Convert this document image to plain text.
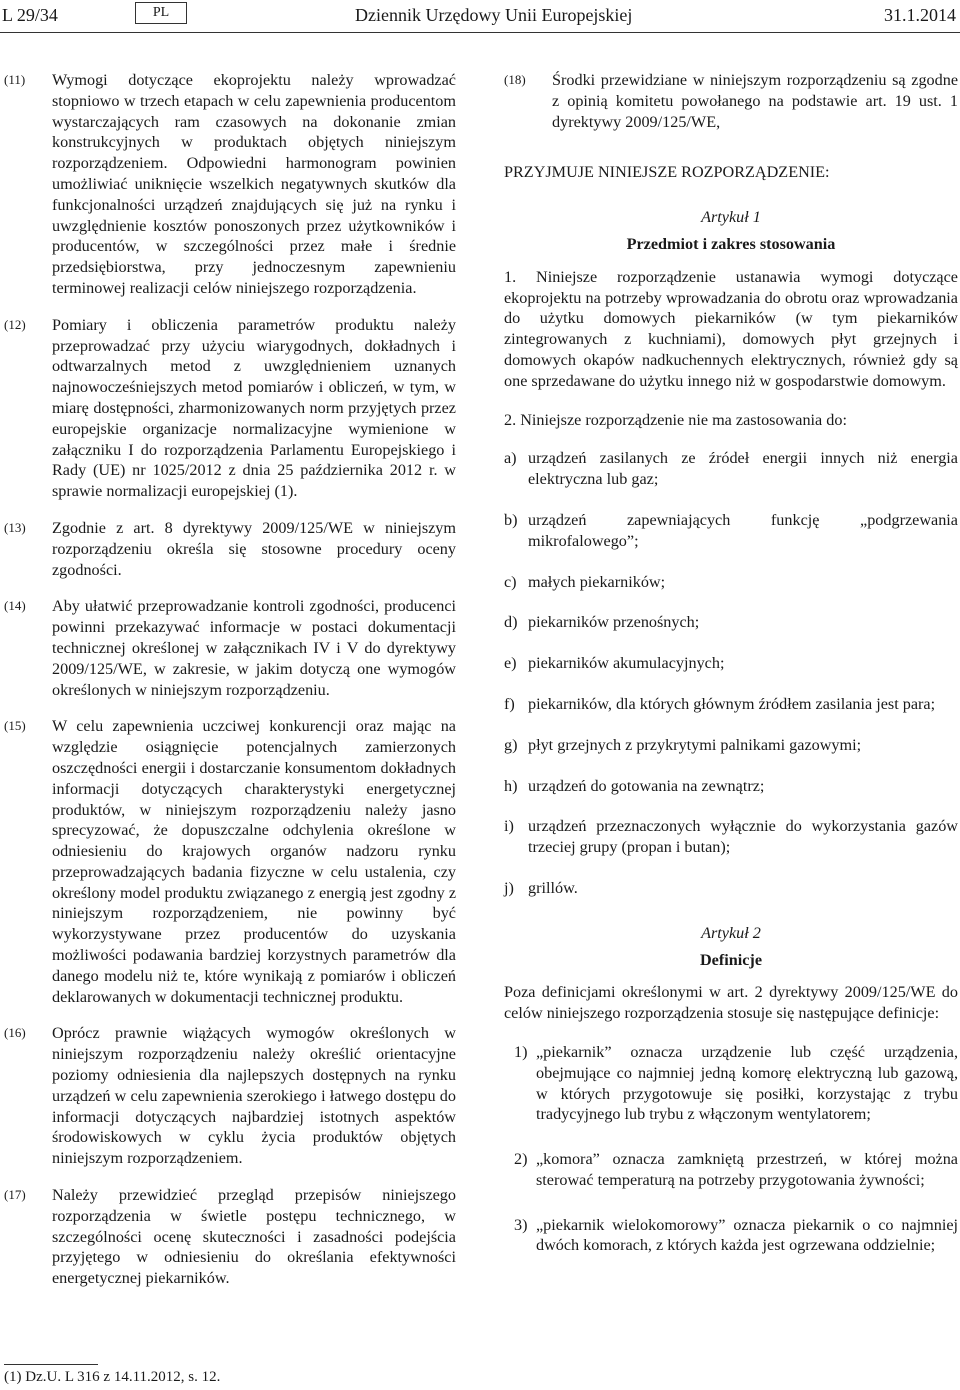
L 29/34	PL	Dziennik Urzędowy Unii Europejskiej	31.1.2014
(11)	Wymogi dotyczące ekoprojektu należy wprowadzać stopniowo w trzech etapach w celu zapewnienia producentom wystarczających ram czasowych na dokonanie zmian konstrukcyjnych w produktach objętych niniejszym rozporządzeniem. Odpowiedni harmonogram powinien umożliwiać uniknięcie wszelkich negatywnych skutków dla funkcjonalności urządzeń znajdujących się już na rynku i uwzględnienie kosztów ponoszonych przez użytkowników i producentów, w szczególności przez małe i średnie przedsiębiorstwa, przy jednoczesnym zapewnieniu terminowej realizacji celów niniejszego rozporządzenia.
(12)	Pomiary i obliczenia parametrów produktu należy przeprowadzać przy użyciu wiarygodnych, dokładnych i odtwarzalnych metod z uwzględnieniem uznanych najnowocześniejszych metod pomiarów i obliczeń, w tym, w miarę dostępności, zharmonizowanych norm przyjętych przez europejskie organizacje normalizacyjne wymienione w załączniku I do rozporządzenia Parlamentu Europejskiego i Rady (UE) nr 1025/2012 z dnia 25 października 2012 r. w sprawie normalizacji europejskiej (1).
(13)	Zgodnie z art. 8 dyrektywy 2009/125/WE w niniejszym rozporządzeniu określa się stosowne procedury oceny zgodności.
(14)	Aby ułatwić przeprowadzanie kontroli zgodności, producenci powinni przekazywać informacje w postaci dokumentacji technicznej określonej w załącznikach IV i V do dyrektywy 2009/125/WE, w zakresie, w jakim dotyczą one wymogów określonych w niniejszym rozporządzeniu.
(15)	W celu zapewnienia uczciwej konkurencji oraz mając na względzie osiągnięcie potencjalnych zamierzonych oszczędności energii i dostarczanie konsumentom dokładnych informacji dotyczących charakterystyki energetycznej produktów, w niniejszym rozporządzeniu należy jasno sprecyzować, że dopuszczalne odchylenia określone w odniesieniu do krajowych organów nadzoru rynku przeprowadzających badania fizyczne w celu ustalenia, czy określony model produktu związanego z energią jest zgodny z niniejszym rozporządzeniem, nie powinny być wykorzystywane przez producentów do uzyskania możliwości podawania bardziej korzystnych parametrów dla danego modelu niż te, które wynikają z pomiarów i obliczeń deklarowanych w dokumentacji technicznej produktu.
(16)	Oprócz prawnie wiążących wymogów określonych w niniejszym rozporządzeniu należy określić orientacyjne poziomy odniesienia dla najlepszych dostępnych na rynku urządzeń w celu zapewnienia szerokiego i łatwego dostępu do informacji dotyczących najbardziej istotnych aspektów środowiskowych w cyklu życia produktów objętych niniejszym rozporządzeniem.
(17)	Należy przewidzieć przegląd przepisów niniejszego rozporządzenia w świetle postępu technicznego, w szczególności ocenę skuteczności i zasadności podejścia przyjętego w odniesieniu do określania efektywności energetycznej piekarników.
(18)	Środki przewidziane w niniejszym rozporządzeniu są zgodne z opinią komitetu powołanego na podstawie art. 19 ust. 1 dyrektywy 2009/125/WE,
PRZYJMUJE NINIEJSZE ROZPORZĄDZENIE:
Artykuł 1
Przedmiot i zakres stosowania
1. Niniejsze rozporządzenie ustanawia wymogi dotyczące ekoprojektu na potrzeby wprowadzania do obrotu oraz wprowadzania do użytku domowych piekarników (w tym piekarników zintegrowanych z kuchniami), domowych płyt grzejnych i domowych okapów nadkuchennych elektrycznych, również gdy są one sprzedawane do użytku innego niż w gospodarstwie domowym.
2. Niniejsze rozporządzenie nie ma zastosowania do:
a) urządzeń zasilanych ze źródeł energii innych niż energia elektryczna lub gaz;
b) urządzeń zapewniających funkcję „podgrzewania mikrofalowego”;
c) małych piekarników;
d) piekarników przenośnych;
e) piekarników akumulacyjnych;
f) piekarników, dla których głównym źródłem zasilania jest para;
g) płyt grzejnych z przykrytymi palnikami gazowymi;
h) urządzeń do gotowania na zewnątrz;
i) urządzeń przeznaczonych wyłącznie do wykorzystania gazów trzeciej grupy (propan i butan);
j) grillów.
Artykuł 2
Definicje
Poza definicjami określonymi w art. 2 dyrektywy 2009/125/WE do celów niniejszego rozporządzenia stosuje się następujące definicje:
1) „piekarnik” oznacza urządzenie lub część urządzenia, obejmujące co najmniej jedną komorę elektryczną lub gazową, w których przygotowuje się posiłki, korzystając z trybu tradycyjnego lub trybu z włączonym wentylatorem;
2) „komora” oznacza zamkniętą przestrzeń, w której można sterować temperaturą na potrzeby przygotowania żywności;
3) „piekarnik wielokomorowy” oznacza piekarnik o co najmniej dwóch komorach, z których każda jest ogrzewana oddzielnie;
(1) Dz.U. L 316 z 14.11.2012, s. 12.
